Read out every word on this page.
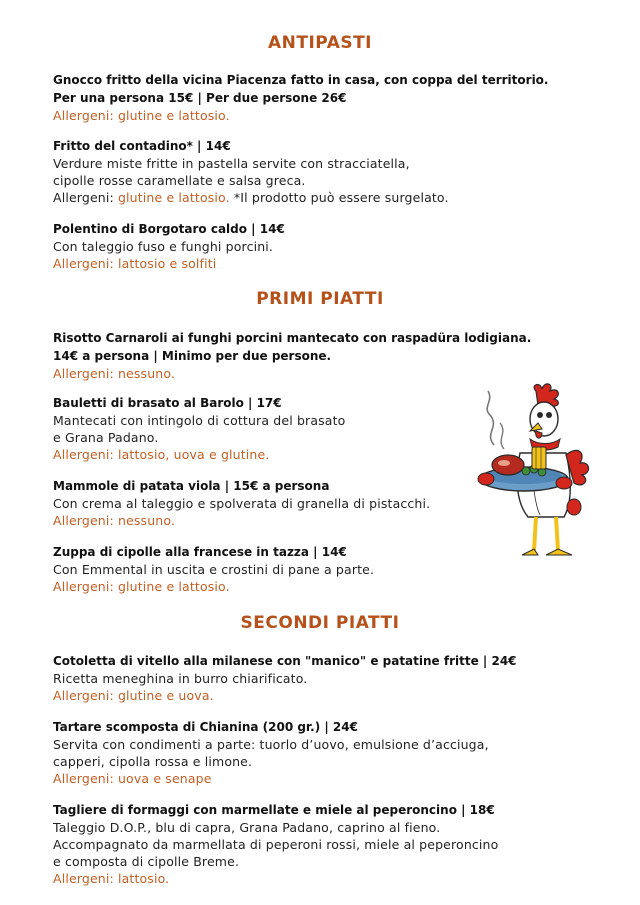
ANTIPASTI
Gnocco fritto della vicina Piacenza fatto in casa, con coppa del territorio.
Per una persona 15€ | Per due persone 26€
Allergeni: glutine e lattosio.
Fritto del contadino* | 14€
Verdure miste fritte in pastella servite con stracciatella,
cipolle rosse caramellate e salsa greca.
Allergeni: glutine e lattosio. *Il prodotto può essere surgelato.
Polentino di Borgotaro caldo | 14€
Con taleggio fuso e funghi porcini.
Allergeni: lattosio e solfiti
PRIMI PIATTI
Risotto Carnaroli ai funghi porcini mantecato con raspadüra lodigiana.
14€ a persona | Minimo per due persone.
Allergeni: nessuno.
Bauletti di brasato al Barolo | 17€
Mantecati con intingolo di cottura del brasato
e Grana Padano.
Allergeni: lattosio, uova e glutine.
Mammole di patata viola | 15€ a persona
Con crema al taleggio e spolverata di granella di pistacchi.
Allergeni: nessuno.
Zuppa di cipolle alla francese in tazza | 14€
Con Emmental in uscita e crostini di pane a parte.
Allergeni: glutine e lattosio.
SECONDI PIATTI
Cotoletta di vitello alla milanese con "manico" e patatine fritte | 24€
Ricetta meneghina in burro chiarificato.
Allergeni: glutine e uova.
Tartare scomposta di Chianina (200 gr.) | 24€
Servita con condimenti a parte: tuorlo d’uovo, emulsione d’acciuga,
capperi, cipolla rossa e limone.
Allergeni: uova e senape
Tagliere di formaggi con marmellate e miele al peperoncino | 18€
Taleggio D.O.P., blu di capra, Grana Padano, caprino al fieno.
Accompagnato da marmellata di peperoni rossi, miele al peperoncino
e composta di cipolle Breme.
Allergeni: lattosio.
